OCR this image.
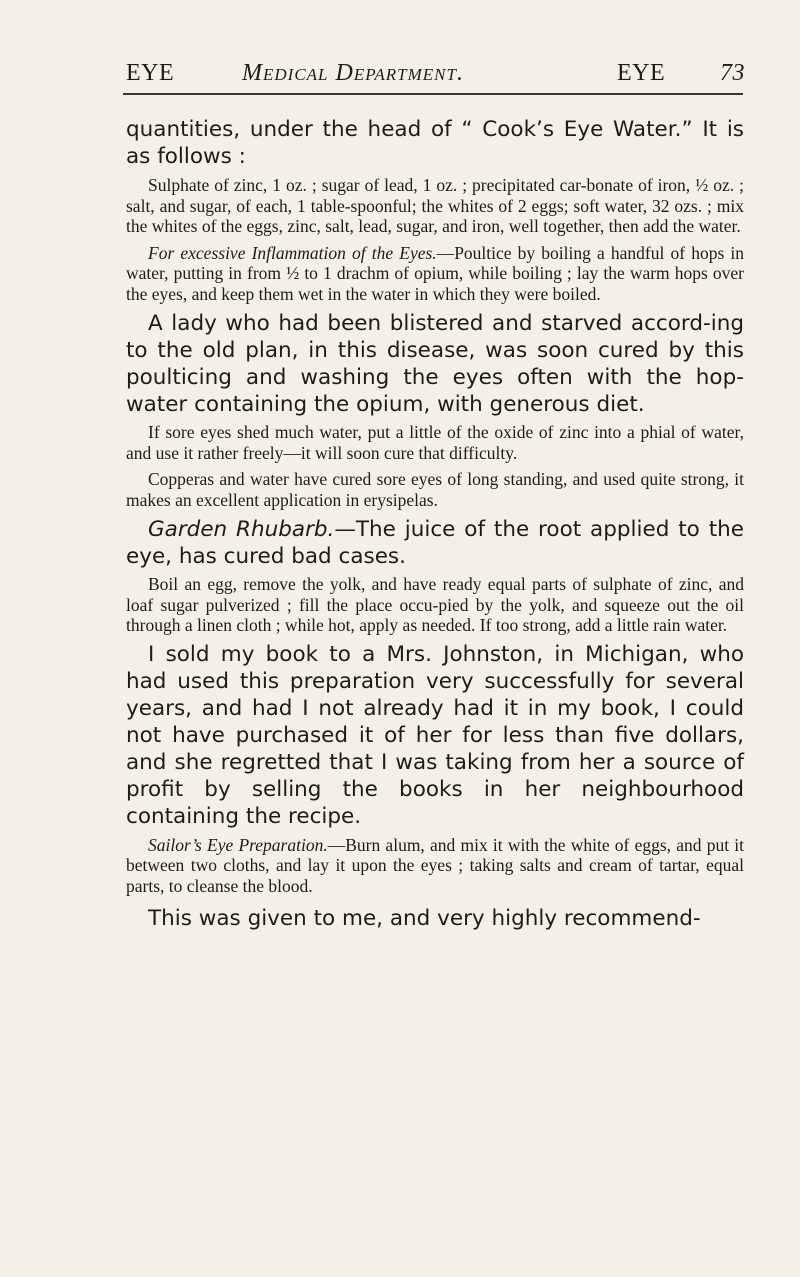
EYE	Medical Department.	EYE 73

quantities, under the head of “ Cook’s Eye Water.” It is as follows :

Sulphate of zinc, 1 oz. ; sugar of lead, 1 oz. ; precipitated car-bonate of iron, ½ oz. ; salt, and sugar, of each, 1 table-spoonful; the whites of 2 eggs; soft water, 32 ozs. ; mix the whites of the eggs, zinc, salt, lead, sugar, and iron, well together, then add the water.

For excessive Inflammation of the Eyes.—Poultice by boiling a handful of hops in water, putting in from ½ to 1 drachm of opium, while boiling ; lay the warm hops over the eyes, and keep them wet in the water in which they were boiled.

A lady who had been blistered and starved accord-ing to the old plan, in this disease, was soon cured by this poulticing and washing the eyes often with the hop-water containing the opium, with generous diet.

If sore eyes shed much water, put a little of the oxide of zinc into a phial of water, and use it rather freely—it will soon cure that difficulty.

Copperas and water have cured sore eyes of long standing, and used quite strong, it makes an excellent application in erysipelas.

Garden Rhubarb.—The juice of the root applied to the eye, has cured bad cases.

Boil an egg, remove the yolk, and have ready equal parts of sulphate of zinc, and loaf sugar pulverized ; fill the place occu-pied by the yolk, and squeeze out the oil through a linen cloth ; while hot, apply as needed. If too strong, add a little rain water.

I sold my book to a Mrs. Johnston, in Michigan, who had used this preparation very successfully for several years, and had I not already had it in my book, I could not have purchased it of her for less than five dollars, and she regretted that I was taking from her a source of profit by selling the books in her neighbourhood containing the recipe.

Sailor’s Eye Preparation.—Burn alum, and mix it with the white of eggs, and put it between two cloths, and lay it upon the eyes ; taking salts and cream of tartar, equal parts, to cleanse the blood.

This was given to me, and very highly recommend-
